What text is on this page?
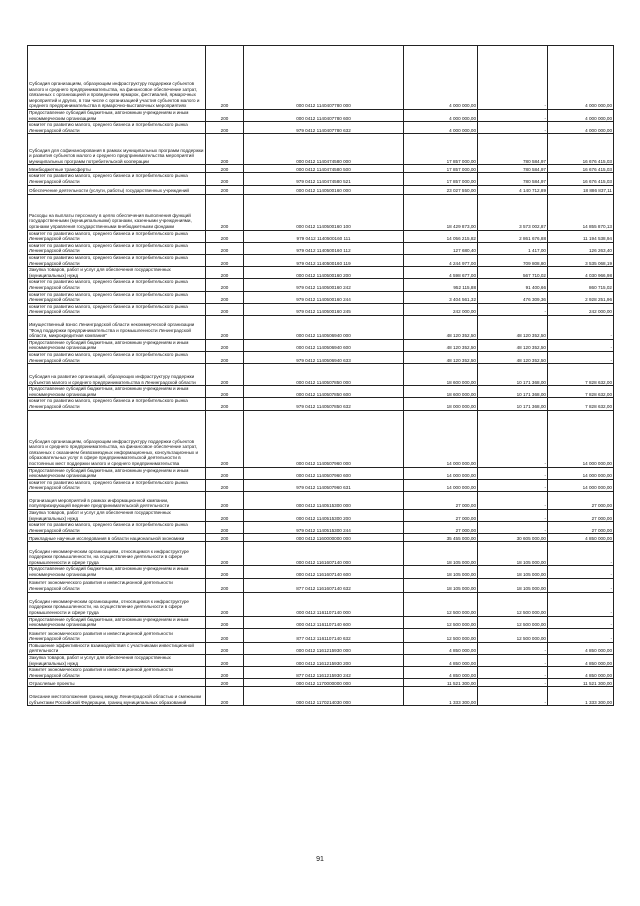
Субсидия организациям, образующим инфраструктуру поддержки субъектов малого и среднего предпринимательства, на финансовое обеспечение затрат, связанных с организацией и проведением ярмарок, фестивалей, ярмарочных мероприятий и других, в том числе с организацией участия субъектов малого и среднего предпринимательства в ярмарочно-выставочных мероприятиях	200	000 0412 1140407780 000	4 000 000,00	-	4 000 000,00
Предоставление субсидий бюджетным, автономным учреждениям и иным некоммерческим организациям	200	000 0412 1140407780 600	4 000 000,00	-	4 000 000,00
комитет по развитию малого, среднего бизнеса и потребительского рынка Ленинградской области	200	979 0412 1140407780 632	4 000 000,00	-	4 000 000,00
Субсидия для софинансирования в рамках муниципальных программ поддержки и развития субъектов малого и среднего предпринимательства мероприятий муниципальных программ потребительской кооперации	200	000 0412 1140474580 000	17 857 000,00	780 584,97	16 676 415,03
Межбюджетные трансферты	200	000 0412 1140474580 500	17 857 000,00	780 584,97	16 676 415,03
комитет по развитию малого, среднего бизнеса и потребительского рынка Ленинградской области	200	979 0412 1140474580 521	17 857 000,00	780 584,97	16 676 415,03
Обеспечение деятельности (услуги, работы) государственных учреждений	200	000 0412 1140500160 000	23 027 550,00	4 140 712,89	18 886 837,11
Расходы на выплаты персоналу в целях обеспечения выполнения функций государственными (муниципальными) органами, казенными учреждениями, органами управления государственными внебюджетными фондами	200	000 0412 1140500160 100	18 429 873,00	3 573 002,87	14 855 870,13
комитет по развитию малого, среднего бизнеса и потребительского рынка Ленинградской области	200	979 0412 1140500160 111	14 056 215,82	2 861 676,88	11 194 538,94
комитет по развитию малого, среднего бизнеса и потребительского рынка Ленинградской области	200	979 0412 1140500160 112	127 680,40	1 417,00	126 263,40
комитет по развитию малого, среднего бизнеса и потребительского рынка Ленинградской области	200	979 0412 1140500160 119	4 244 977,00	709 808,80	3 535 068,19
Закупка товаров, работ и услуг для обеспечения государственных (муниципальных) нужд	200	000 0412 1140500160 200	4 598 677,00	567 710,02	4 030 966,98
комитет по развитию малого, среднего бизнеса и потребительского рынка Ленинградской области	200	979 0412 1140500160 242	952 115,88	91 400,66	860 715,02
комитет по развитию малого, среднего бизнеса и потребительского рынка Ленинградской области	200	979 0412 1140500160 244	3 404 561,32	476 309,36	2 928 251,96
комитет по развитию малого, среднего бизнеса и потребительского рынка Ленинградской области	200	979 0412 1140500160 245	242 000,00	-	242 000,00
Имущественный взнос Ленинградской области некоммерческой организации "Фонд поддержки предпринимательства и промышленности Ленинградской области, микрокредитная компания"	200	000 0412 1140506940 000	48 120 352,50	48 120 352,50	-
Предоставление субсидий бюджетным, автономным учреждениям и иным некоммерческим организациям	200	000 0412 1140506940 600	48 120 352,50	48 120 352,50	-
комитет по развитию малого, среднего бизнеса и потребительского рынка Ленинградской области	200	979 0412 1140506940 633	48 120 352,50	48 120 352,50	-
Субсидия на развитие организаций, образующих инфраструктуру поддержки субъектов малого и среднего предпринимательства в Ленинградской области	200	000 0412 1140507850 000	18 600 000,00	10 171 368,00	7 828 632,00
Предоставление субсидий бюджетным, автономным учреждениям и иным некоммерческим организациям	200	000 0412 1140507850 600	18 600 000,00	10 171 368,00	7 828 632,00
комитет по развитию малого, среднего бизнеса и потребительского рынка Ленинградской области	200	979 0412 1140507850 632	18 000 000,00	10 171 368,00	7 828 632,00
Субсидия организациям, образующим инфраструктуру поддержки субъектов малого и среднего предпринимательства, на финансовое обеспечение затрат, связанных с оказанием безвозмездных информационных, консультационных и образовательных услуг в сфере предпринимательской деятельности в постоянных мест поддержки малого и среднего предпринимательства	200	000 0412 1140507960 000	14 000 000,00	-	14 000 000,00
Предоставление субсидий бюджетным, автономным учреждениям и иным некоммерческим организациям	200	000 0412 1140507960 600	14 000 000,00	-	14 000 000,00
комитет по развитию малого, среднего бизнеса и потребительского рынка Ленинградской области	200	979 0412 1140507960 631	14 000 000,00	-	14 000 000,00
Организация мероприятий в рамках информационной кампании, популяризирующей ведение предпринимательской деятельности	200	000 0412 1140515300 000	27 000,00	-	27 000,00
Закупка товаров, работ и услуг для обеспечения государственных (муниципальных) нужд	200	000 0412 1140515300 200	27 000,00	-	27 000,00
комитет по развитию малого, среднего бизнеса и потребительского рынка Ленинградской области	200	979 0412 1140515300 244	27 000,00	-	27 000,00
Прикладные научные исследования в области национальной экономики	200	000 0412 1160000000 000	35 455 000,00	30 605 000,00	4 850 000,00
Субсидии некоммерческим организациям, относящимся к инфраструктуре поддержки промышленности, на осуществление деятельности в сфере промышленности и сфере труда	200	000 0412 1161607140 000	18 105 000,00	18 105 000,00	-
Предоставление субсидий бюджетным, автономным учреждениям и иным некоммерческим организациям	200	000 0412 1161607140 600	18 105 000,00	18 105 000,00	-
Комитет экономического развития и инвестиционной деятельности Ленинградской области	200	877 0412 1161607140 632	18 105 000,00	18 105 000,00	-
Субсидии некоммерческим организациям, относящимся к инфраструктуре поддержки промышленности, на осуществление деятельности в сфере промышленности и сфере труда	200	000 0412 1161107140 000	12 500 000,00	12 500 000,00	-
Предоставление субсидий бюджетным, автономным учреждениям и иным некоммерческим организациям	200	000 0412 1161107140 600	12 500 000,00	12 500 000,00	-
Комитет экономического развития и инвестиционной деятельности Ленинградской области	200	877 0412 1161107140 632	12 500 000,00	12 500 000,00	-
Повышение эффективности взаимодействия с участниками инвестиционной деятельности	200	000 0412 1161215930 000	4 850 000,00	-	4 850 000,00
Закупка товаров, работ и услуг для обеспечения государственных (муниципальных) нужд	200	000 0412 1161215930 200	4 850 000,00	-	4 850 000,00
Комитет экономического развития и инвестиционной деятельности Ленинградской области	200	877 0412 1161215930 242	4 850 000,00	-	4 850 000,00
Отраслевые проекты	200	000 0412 1170000000 000	11 521 300,00	-	11 521 300,00
Описание местоположения границ между Ленинградской областью и смежными субъектами Российской Федерации, границ муниципальных образований	200	000 0412 1170214030 000	1 333 300,00	-	1 333 300,00
91
